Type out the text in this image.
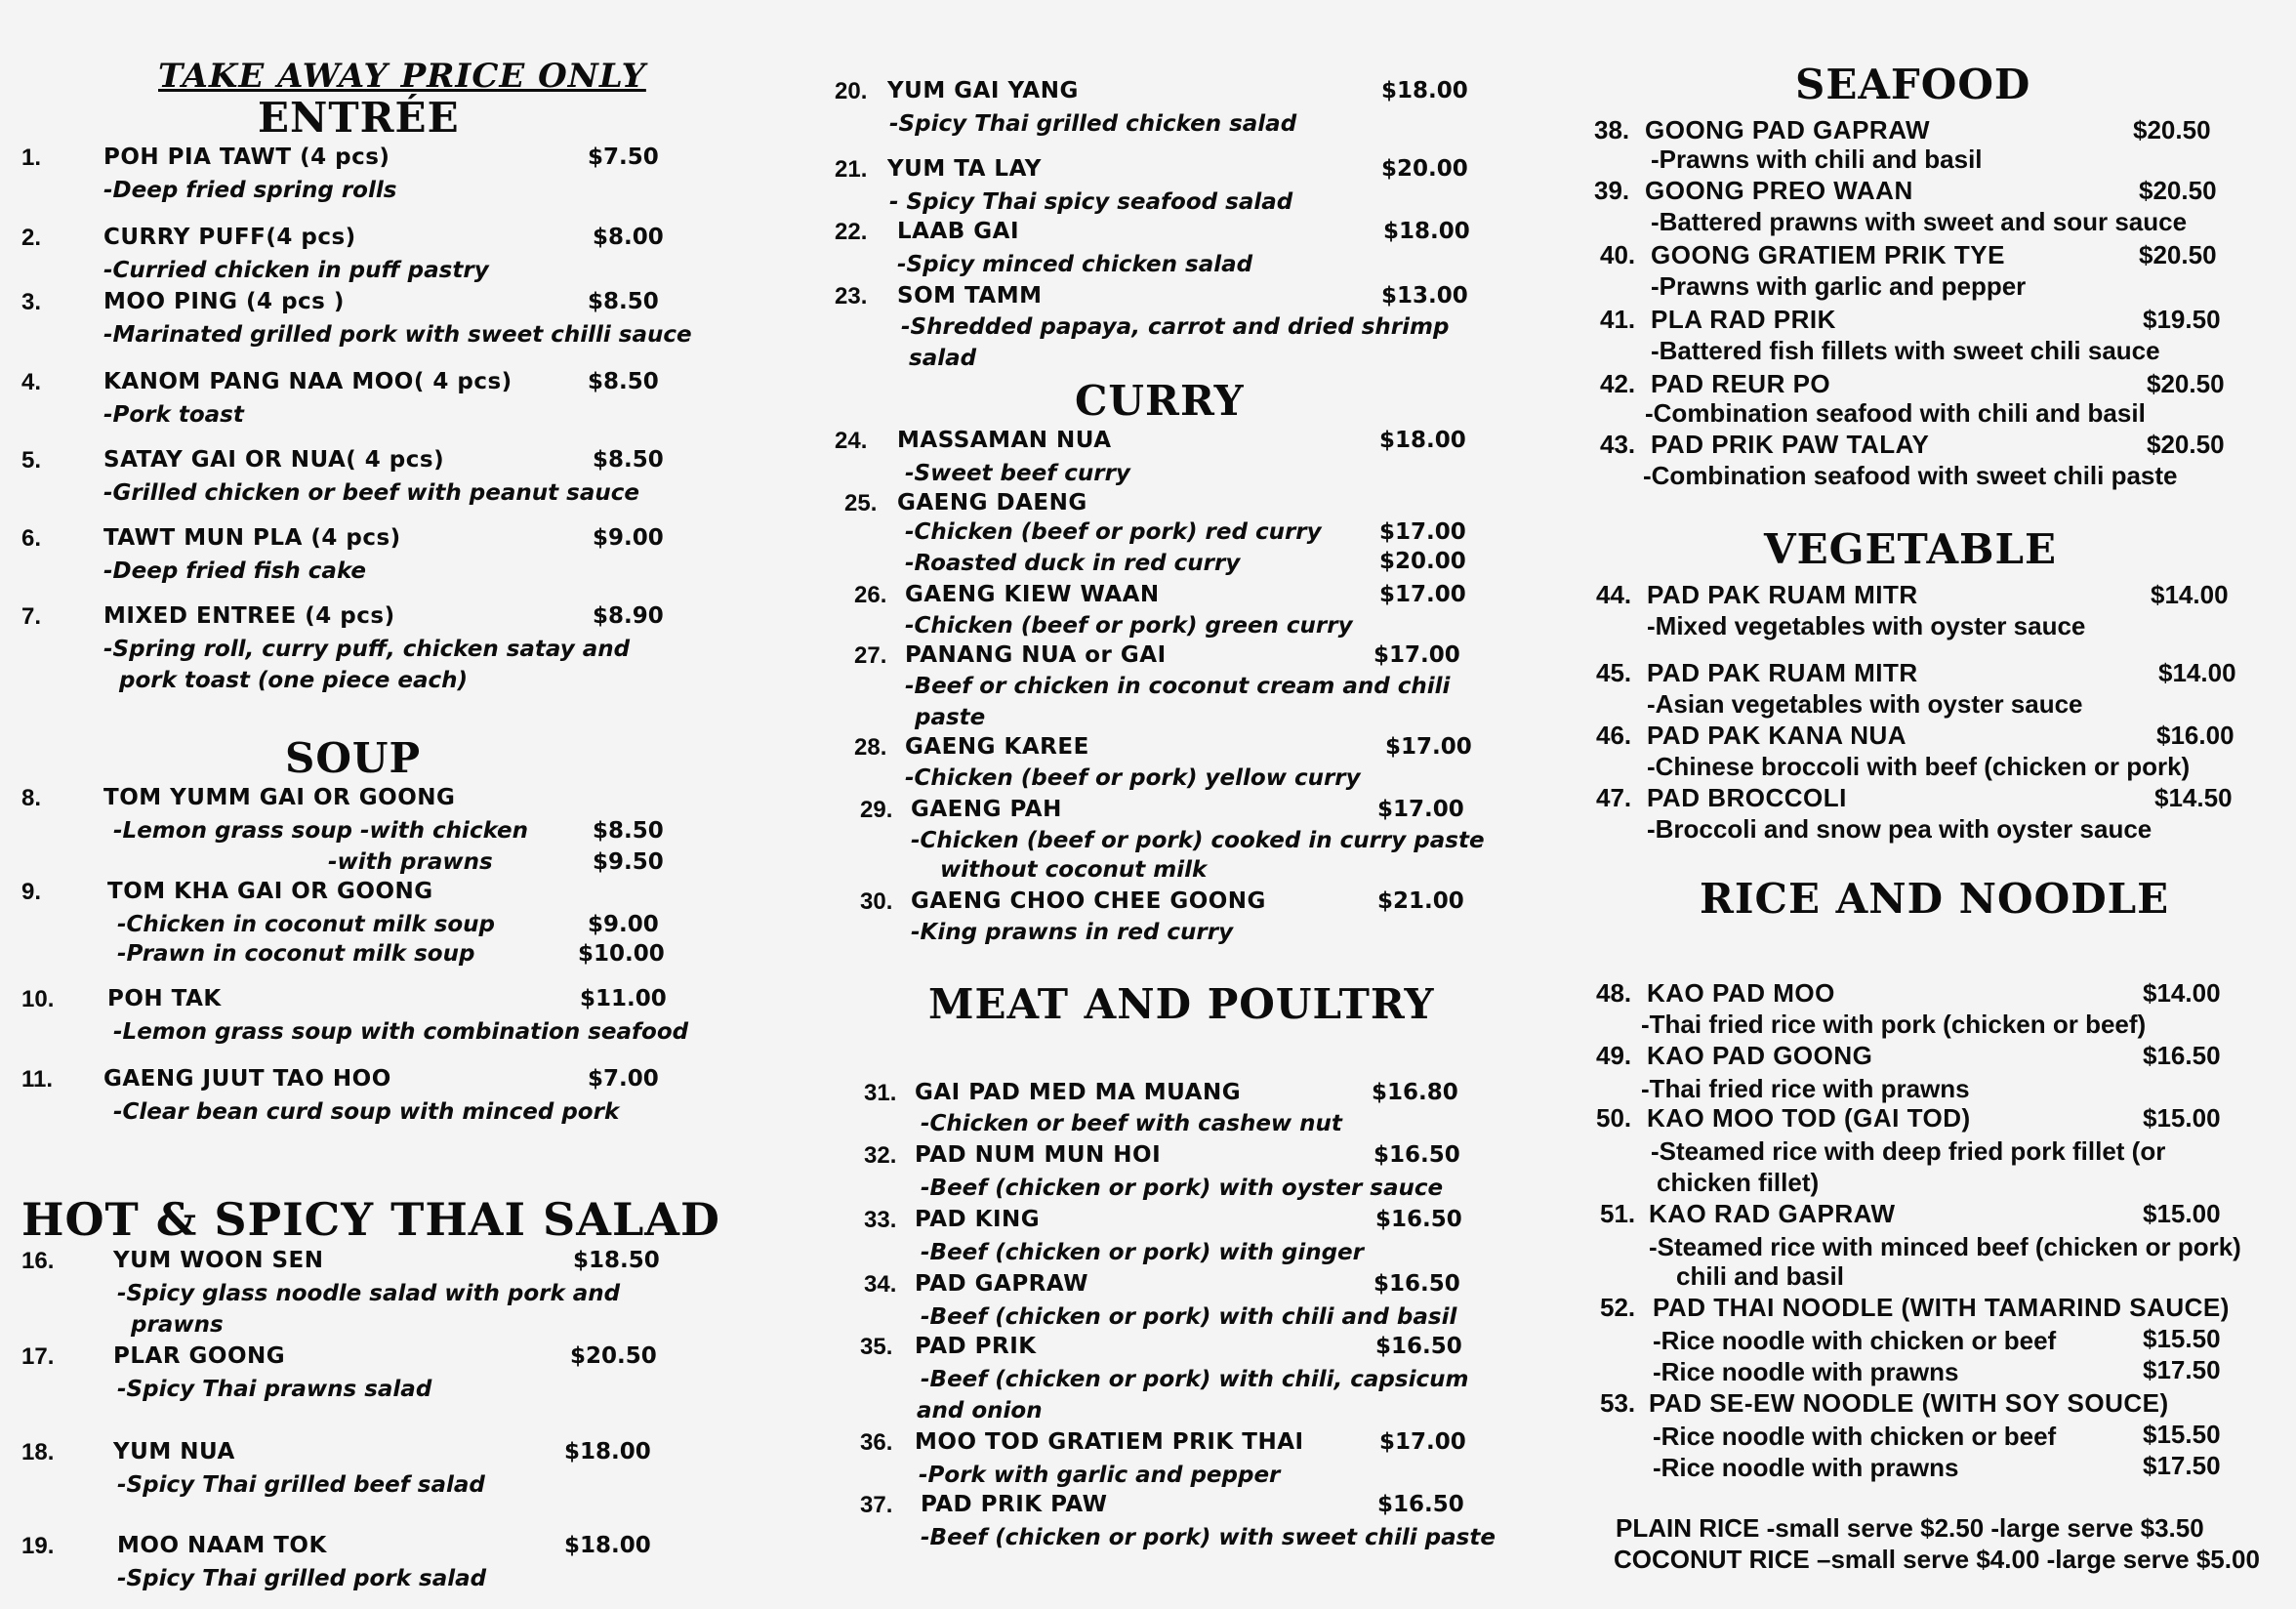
TAKE AWAY PRICE ONLY
ENTRÉE
1.	POH PIA TAWT (4 pcs)	$7.50
-Deep fried spring rolls
2.	CURRY PUFF(4 pcs)	$8.00
-Curried chicken in puff pastry
3.	MOO PING (4 pcs )	$8.50
-Marinated grilled pork with sweet chilli sauce
4.	KANOM PANG NAA MOO( 4 pcs)	$8.50
-Pork toast
5.	SATAY GAI OR NUA( 4 pcs)	$8.50
-Grilled chicken or beef with peanut sauce
6.	TAWT MUN PLA (4 pcs)	$9.00
-Deep fried fish cake
7.	MIXED ENTREE (4 pcs)	$8.90
-Spring roll, curry puff, chicken satay and
pork toast (one piece each)
SOUP
8.	TOM YUMM GAI OR GOONG
-Lemon grass soup -with chicken	$8.50
-with prawns	$9.50
9.	TOM KHA GAI OR GOONG
-Chicken in coconut milk soup	$9.00
-Prawn in coconut milk soup	$10.00
10. POH TAK	$11.00
-Lemon grass soup with combination seafood
11. GAENG JUUT TAO HOO	$7.00
-Clear bean curd soup with minced pork
HOT & SPICY THAI SALAD
16.	YUM WOON SEN	$18.50
-Spicy glass noodle salad with pork and
prawns
17.	PLAR GOONG	$20.50
-Spicy Thai prawns salad
18.	YUM NUA	$18.00
-Spicy Thai grilled beef salad
19.	MOO NAAM TOK	$18.00
-Spicy Thai grilled pork salad
20. YUM GAI YANG	$18.00
-Spicy Thai grilled chicken salad
21. YUM TA LAY	$20.00
- Spicy Thai spicy seafood salad
22. LAAB GAI	$18.00
-Spicy minced chicken salad
23. SOM TAMM	$13.00
-Shredded papaya, carrot and dried shrimp
salad
CURRY
24. MASSAMAN NUA	$18.00
-Sweet beef curry
25. GAENG DAENG
-Chicken (beef or pork) red curry	$17.00
-Roasted duck in red curry	$20.00
26. GAENG KIEW WAAN	$17.00
-Chicken (beef or pork) green curry
27. PANANG NUA or GAI	$17.00
-Beef or chicken in coconut cream and chili
paste
28. GAENG KAREE	$17.00
-Chicken (beef or pork) yellow curry
29. GAENG PAH	$17.00
-Chicken (beef or pork) cooked in curry paste
without coconut milk
30. GAENG CHOO CHEE GOONG	$21.00
-King prawns in red curry
MEAT AND POULTRY
31. GAI PAD MED MA MUANG	$16.80
-Chicken or beef with cashew nut
32. PAD NUM MUN HOI	$16.50
-Beef (chicken or pork) with oyster sauce
33. PAD KING	$16.50
-Beef (chicken or pork) with ginger
34. PAD GAPRAW	$16.50
-Beef (chicken or pork) with chili and basil
35. PAD PRIK	$16.50
-Beef (chicken or pork) with chili, capsicum
and onion
36. MOO TOD GRATIEM PRIK THAI	$17.00
-Pork with garlic and pepper
37. PAD PRIK PAW	$16.50
-Beef (chicken or pork) with sweet chili paste
SEAFOOD
38. GOONG PAD GAPRAW	$20.50
-Prawns with chili and basil
39. GOONG PREO WAAN	$20.50
-Battered prawns with sweet and sour sauce
40. GOONG GRATIEM PRIK TYE	$20.50
-Prawns with garlic and pepper
41. PLA RAD PRIK	$19.50
-Battered fish fillets with sweet chili sauce
42. PAD REUR PO	$20.50
-Combination seafood with chili and basil
43. PAD PRIK PAW TALAY	$20.50
-Combination seafood with sweet chili paste
VEGETABLE
44. PAD PAK RUAM MITR	$14.00
-Mixed vegetables with oyster sauce
45. PAD PAK RUAM MITR	$14.00
-Asian vegetables with oyster sauce
46. PAD PAK KANA NUA	$16.00
-Chinese broccoli with beef (chicken or pork)
47. PAD BROCCOLI	$14.50
-Broccoli and snow pea with oyster sauce
RICE AND NOODLE
48. KAO PAD MOO	$14.00
-Thai fried rice with pork (chicken or beef)
49. KAO PAD GOONG	$16.50
-Thai fried rice with prawns
50. KAO MOO TOD (GAI TOD)	$15.00
-Steamed rice with deep fried pork fillet (or
chicken fillet)
51. KAO RAD GAPRAW	$15.00
-Steamed rice with minced beef (chicken or pork)
chili and basil
52. PAD THAI NOODLE (WITH TAMARIND SAUCE)
-Rice noodle with chicken or beef	$15.50
-Rice noodle with prawns	$17.50
53. PAD SE-EW NOODLE (WITH SOY SOUCE)
-Rice noodle with chicken or beef	$15.50
-Rice noodle with prawns	$17.50
PLAIN RICE -small serve $2.50 -large serve $3.50
COCONUT RICE –small serve $4.00 -large serve $5.00
